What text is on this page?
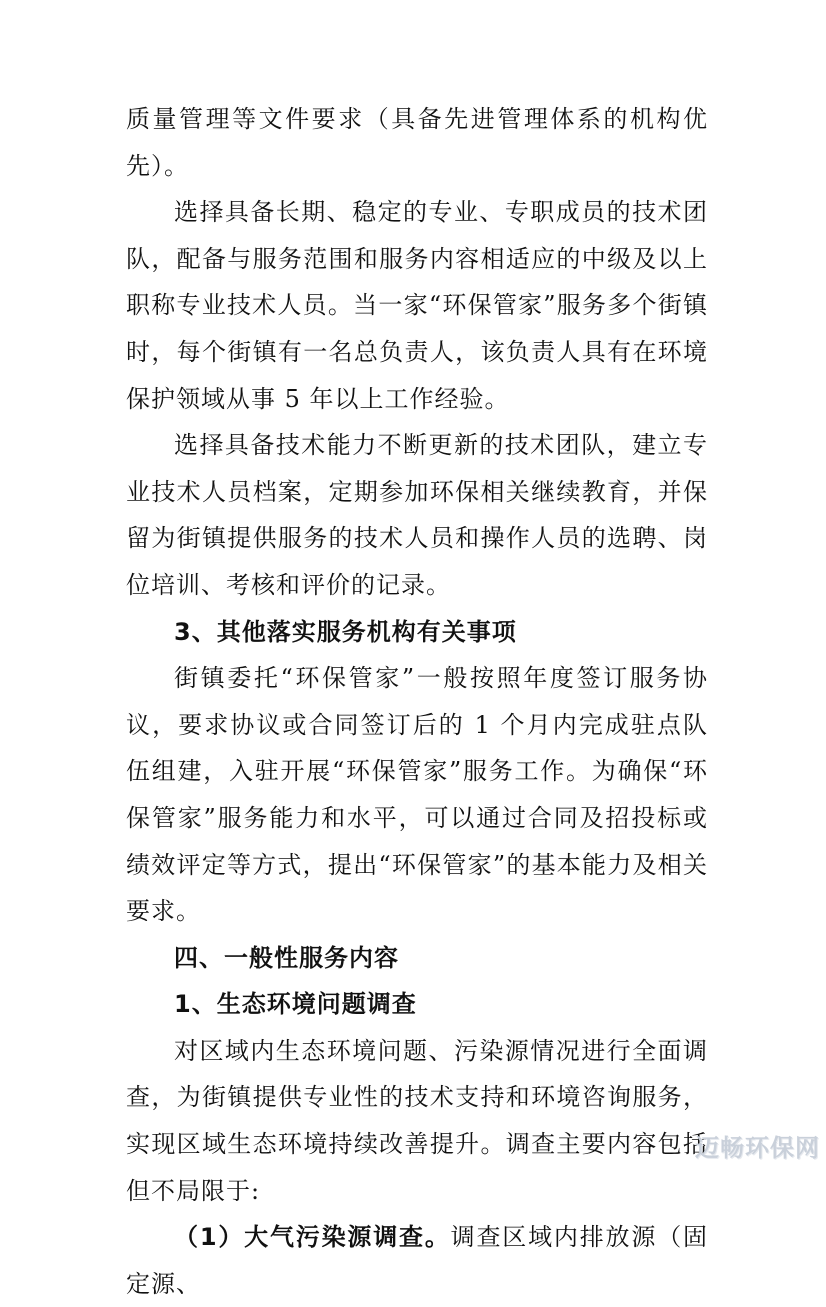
质量管理等文件要求（具备先进管理体系的机构优先）。

选择具备长期、稳定的专业、专职成员的技术团队，配备与服务范围和服务内容相适应的中级及以上职称专业技术人员。当一家“环保管家”服务多个街镇时，每个街镇有一名总负责人，该负责人具有在环境保护领域从事 5 年以上工作经验。

选择具备技术能力不断更新的技术团队，建立专业技术人员档案，定期参加环保相关继续教育，并保留为街镇提供服务的技术人员和操作人员的选聘、岗位培训、考核和评价的记录。

3、其他落实服务机构有关事项

街镇委托“环保管家”一般按照年度签订服务协议，要求协议或合同签订后的 1 个月内完成驻点队伍组建，入驻开展“环保管家”服务工作。为确保“环保管家”服务能力和水平，可以通过合同及招投标或绩效评定等方式，提出“环保管家”的基本能力及相关要求。

四、一般性服务内容

1、生态环境问题调查

对区域内生态环境问题、污染源情况进行全面调查，为街镇提供专业性的技术支持和环境咨询服务，实现区域生态环境持续改善提升。调查主要内容包括但不局限于:

（1）大气污染源调查。调查区域内排放源（固定源、

迈畅环保网
